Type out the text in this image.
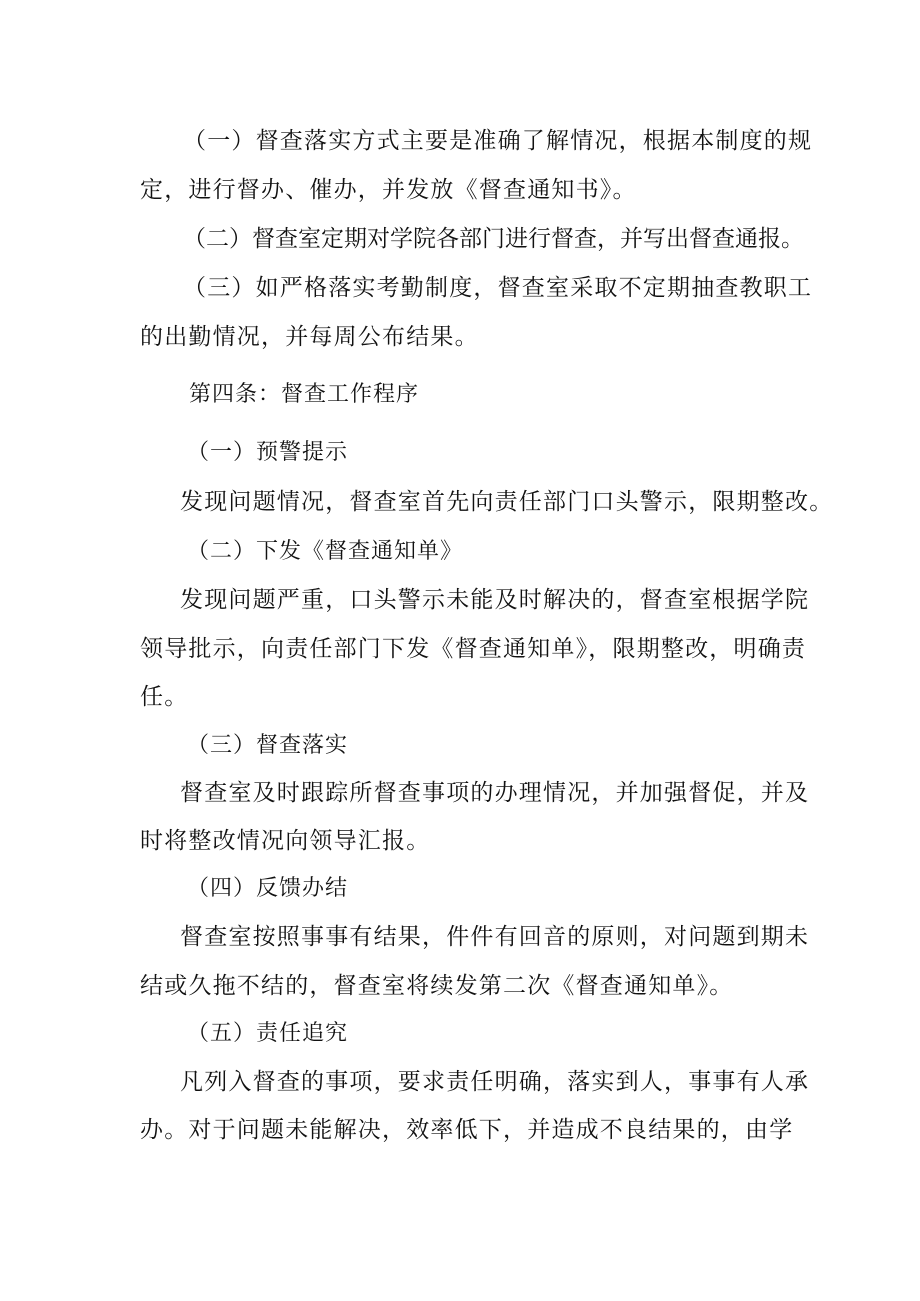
（一）督查落实方式主要是准确了解情况，根据本制度的规

定，进行督办、催办，并发放《督查通知书》。

（二）督查室定期对学院各部门进行督查，并写出督查通报。

（三）如严格落实考勤制度，督查室采取不定期抽查教职工

的出勤情况，并每周公布结果。

第四条：督查工作程序

（一）预警提示

发现问题情况，督查室首先向责任部门口头警示，限期整改。

（二）下发《督查通知单》

发现问题严重，口头警示未能及时解决的，督查室根据学院

领导批示，向责任部门下发《督查通知单》，限期整改，明确责

任。

（三）督查落实

督查室及时跟踪所督查事项的办理情况，并加强督促，并及

时将整改情况向领导汇报。

（四）反馈办结

督查室按照事事有结果，件件有回音的原则，对问题到期未

结或久拖不结的，督查室将续发第二次《督查通知单》。

（五）责任追究

凡列入督查的事项，要求责任明确，落实到人，事事有人承

办。对于问题未能解决，效率低下，并造成不良结果的，由学
